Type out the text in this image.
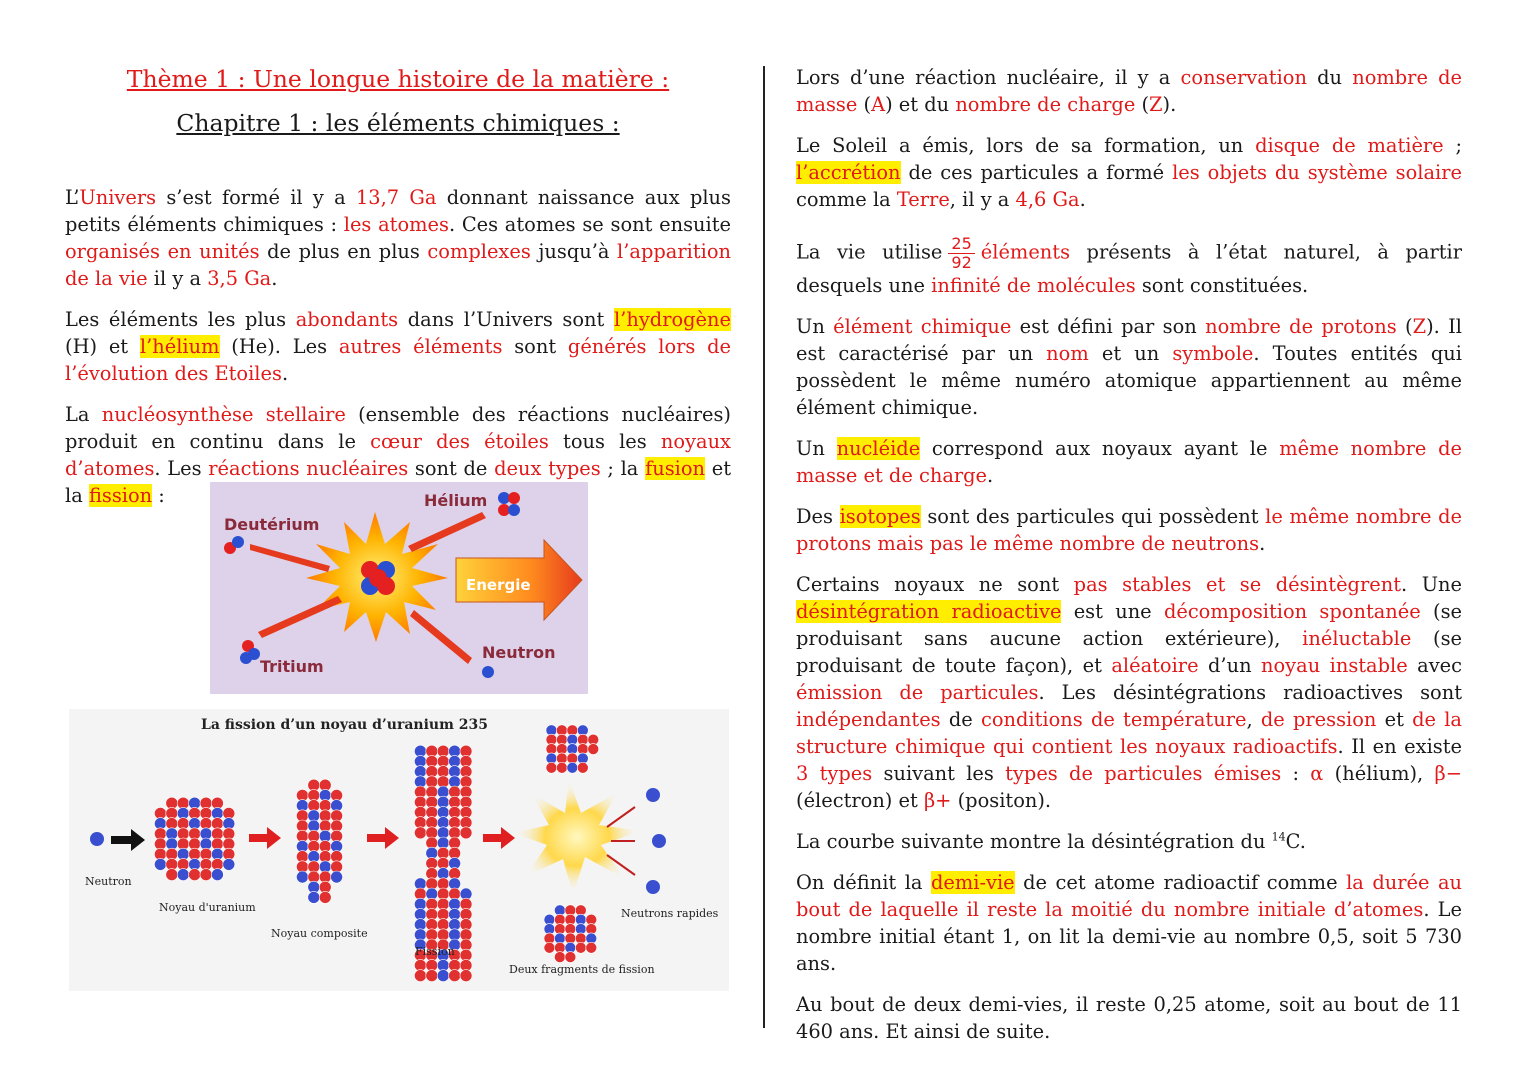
Thème 1 : Une longue histoire de la matière :
Chapitre 1 : les éléments chimiques :

L’Univers s’est formé il y a 13,7 Ga donnant naissance aux plus petits éléments chimiques : les atomes. Ces atomes se sont ensuite organisés en unités de plus en plus complexes jusqu’à l’apparition de la vie il y a 3,5 Ga.

Les éléments les plus abondants dans l’Univers sont l’hydrogène (H) et l’hélium (He). Les autres éléments sont générés lors de l’évolution des Etoiles.

La nucléosynthèse stellaire (ensemble des réactions nucléaires) produit en continu dans le cœur des étoiles tous les noyaux d’atomes. Les réactions nucléaires sont de deux types ; la fusion et la fission :

Energie
Deutérium
Tritium
Hélium
Neutron
La fission d’un noyau d’uranium 235
Neutron
Noyau d'uranium
Noyau composite
Fission
Deux fragments de fission
Neutrons rapides

Lors d’une réaction nucléaire, il y a conservation du nombre de masse (A) et du nombre de charge (Z).

Le Soleil a émis, lors de sa formation, un disque de matière ; l’accrétion de ces particules a formé les objets du système solaire comme la Terre, il y a 4,6 Ga.

La vie utilise $\frac{25}{92}$ éléments présents à l’état naturel, à partir desquels une infinité de molécules sont constituées.

Un élément chimique est défini par son nombre de protons (Z). Il est caractérisé par un nom et un symbole. Toutes entités qui possèdent le même numéro atomique appartiennent au même élément chimique.

Un nucléide correspond aux noyaux ayant le même nombre de masse et de charge.

Des isotopes sont des particules qui possèdent le même nombre de protons mais pas le même nombre de neutrons.

Certains noyaux ne sont pas stables et se désintègrent. Une désintégration radioactive est une décomposition spontanée (se produisant sans aucune action extérieure), inéluctable (se produisant de toute façon), et aléatoire d’un noyau instable avec émission de particules. Les désintégrations radioactives sont indépendantes de conditions de température, de pression et de la structure chimique qui contient les noyaux radioactifs. Il en existe 3 types suivant les types de particules émises : α (hélium), β− (électron) et β+ (positon).

La courbe suivante montre la désintégration du $^{14}$C.

On définit la demi-vie de cet atome radioactif comme la durée au bout de laquelle il reste la moitié du nombre initiale d’atomes. Le nombre initial étant 1, on lit la demi-vie au nombre 0,5, soit 5 730 ans.

Au bout de deux demi-vies, il reste 0,25 atome, soit au bout de 11 460 ans. Et ainsi de suite.
